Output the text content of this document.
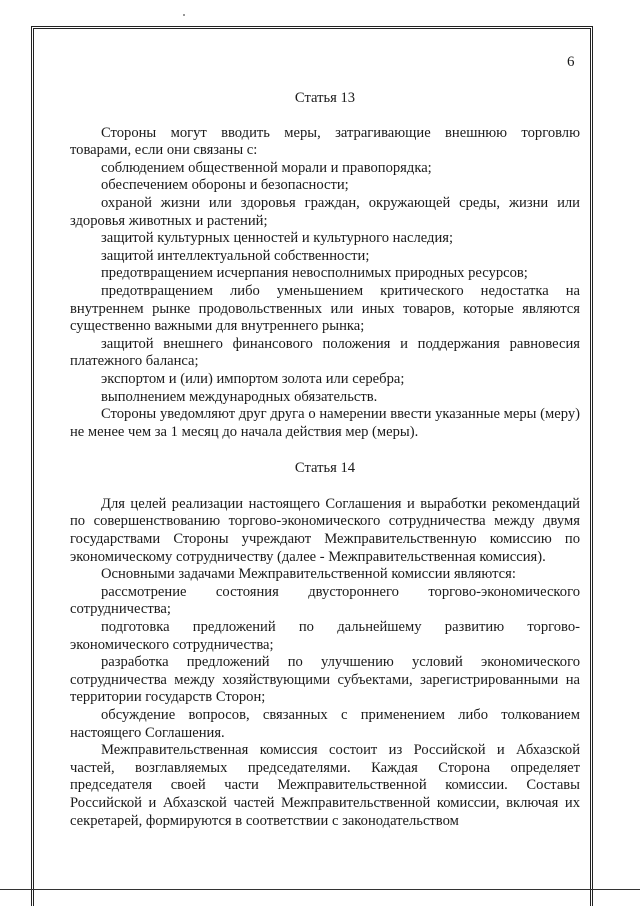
6

Статья 13

Стороны могут вводить меры, затрагивающие внешнюю торговлю товарами, если они связаны с:

соблюдением общественной морали и правопорядка;

обеспечением обороны и безопасности;

охраной жизни или здоровья граждан, окружающей среды, жизни или здоровья животных и растений;

защитой культурных ценностей и культурного наследия;

защитой интеллектуальной собственности;

предотвращением исчерпания невосполнимых природных ресурсов;

предотвращением либо уменьшением критического недостатка на внутреннем рынке продовольственных или иных товаров, которые являются существенно важными для внутреннего рынка;

защитой внешнего финансового положения и поддержания равновесия платежного баланса;

экспортом и (или) импортом золота или серебра;

выполнением международных обязательств.

Стороны уведомляют друг друга о намерении ввести указанные меры (меру) не менее чем за 1 месяц до начала действия мер (меры).

Статья 14

Для целей реализации настоящего Соглашения и выработки рекомендаций по совершенствованию торгово-экономического сотрудничества между двумя государствами Стороны учреждают Межправительственную комиссию по экономическому сотрудничеству (далее - Межправительственная комиссия).

Основными задачами Межправительственной комиссии являются:

рассмотрение состояния двустороннего торгово-экономического сотрудничества;

подготовка предложений по дальнейшему развитию торгово-экономического сотрудничества;

разработка предложений по улучшению условий экономического сотрудничества между хозяйствующими субъектами, зарегистрированными на территории государств Сторон;

обсуждение вопросов, связанных с применением либо толкованием настоящего Соглашения.

Межправительственная комиссия состоит из Российской и Абхазской частей, возглавляемых председателями. Каждая Сторона определяет председателя своей части Межправительственной комиссии. Составы Российской и Абхазской частей Межправительственной комиссии, включая их секретарей, формируются в соответствии с законодательством
